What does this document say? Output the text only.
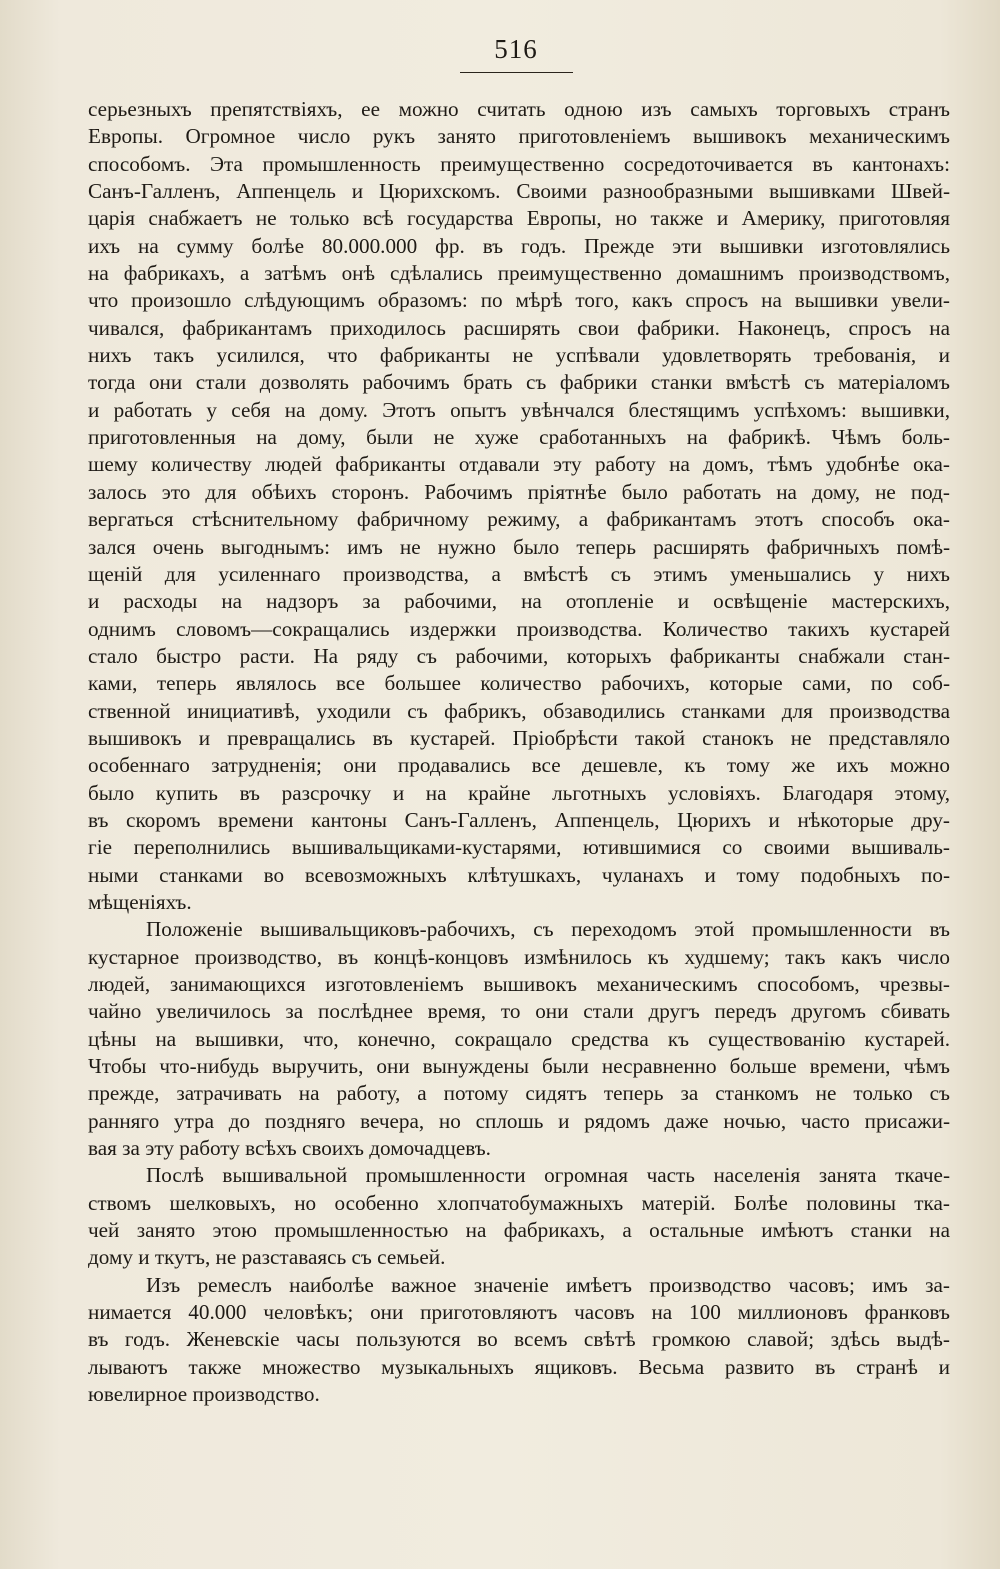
516
серьезныхъ препятствіяхъ, ее можно считать одною изъ самыхъ торговыхъ странъ
Европы. Огромное число рукъ занято приготовленіемъ вышивокъ механическимъ
способомъ. Эта промышленность преимущественно сосредоточивается въ кантонахъ:
Санъ-Галленъ, Аппенцель и Цюрихскомъ. Своими разнообразными вышивками Швей-
царія снабжаетъ не только всѣ государства Европы, но также и Америку, приготовляя
ихъ на сумму болѣе 80.000.000 фр. въ годъ. Прежде эти вышивки изготовлялись
на фабрикахъ, а затѣмъ онѣ сдѣлались преимущественно домашнимъ производствомъ,
что произошло слѣдующимъ образомъ: по мѣрѣ того, какъ спросъ на вышивки увели-
чивался, фабрикантамъ приходилось расширять свои фабрики. Наконецъ, спросъ на
нихъ такъ усилился, что фабриканты не успѣвали удовлетворять требованія, и
тогда они стали дозволять рабочимъ брать съ фабрики станки вмѣстѣ съ матеріаломъ
и работать у себя на дому. Этотъ опытъ увѣнчался блестящимъ успѣхомъ: вышивки,
приготовленныя на дому, были не хуже сработанныхъ на фабрикѣ. Чѣмъ боль-
шему количеству людей фабриканты отдавали эту работу на домъ, тѣмъ удобнѣе ока-
залось это для обѣихъ сторонъ. Рабочимъ пріятнѣе было работать на дому, не под-
вергаться стѣснительному фабричному режиму, а фабрикантамъ этотъ способъ ока-
зался очень выгоднымъ: имъ не нужно было теперь расширять фабричныхъ помѣ-
щеній для усиленнаго производства, а вмѣстѣ съ этимъ уменьшались у нихъ
и расходы на надзоръ за рабочими, на отопленіе и освѣщеніе мастерскихъ,
однимъ словомъ—сокращались издержки производства. Количество такихъ кустарей
стало быстро расти. На ряду съ рабочими, которыхъ фабриканты снабжали стан-
ками, теперь являлось все большее количество рабочихъ, которые сами, по соб-
ственной инициативѣ, уходили съ фабрикъ, обзаводились станками для производства
вышивокъ и превращались въ кустарей. Пріобрѣсти такой станокъ не представляло
особеннаго затрудненія; они продавались все дешевле, къ тому же ихъ можно
было купить въ разсрочку и на крайне льготныхъ условіяхъ. Благодаря этому,
въ скоромъ времени кантоны Санъ-Галленъ, Аппенцель, Цюрихъ и нѣкоторые дру-
гіе переполнились вышивальщиками-кустарями, ютившимися со своими вышиваль-
ными станками во всевозможныхъ клѣтушкахъ, чуланахъ и тому подобныхъ по-
мѣщеніяхъ.
Положеніе вышивальщиковъ-рабочихъ, съ переходомъ этой промышленности въ
кустарное производство, въ концѣ-концовъ измѣнилось къ худшему; такъ какъ число
людей, занимающихся изготовленіемъ вышивокъ механическимъ способомъ, чрезвы-
чайно увеличилось за послѣднее время, то они стали другъ передъ другомъ сбивать
цѣны на вышивки, что, конечно, сокращало средства къ существованію кустарей.
Чтобы что-нибудь выручить, они вынуждены были несравненно больше времени, чѣмъ
прежде, затрачивать на работу, а потому сидятъ теперь за станкомъ не только съ
ранняго утра до поздняго вечера, но сплошь и рядомъ даже ночью, часто присажи-
вая за эту работу всѣхъ своихъ домочадцевъ.
Послѣ вышивальной промышленности огромная часть населенія занята ткаче-
ствомъ шелковыхъ, но особенно хлопчатобумажныхъ матерій. Болѣе половины тка-
чей занято этою промышленностью на фабрикахъ, а остальные имѣютъ станки на
дому и ткутъ, не разставаясь съ семьей.
Изъ ремеслъ наиболѣе важное значеніе имѣетъ производство часовъ; имъ за-
нимается 40.000 человѣкъ; они приготовляютъ часовъ на 100 миллионовъ франковъ
въ годъ. Женевскіе часы пользуются во всемъ свѣтѣ громкою славой; здѣсь выдѣ-
лываютъ также множество музыкальныхъ ящиковъ. Весьма развито въ странѣ и
ювелирное производство.
